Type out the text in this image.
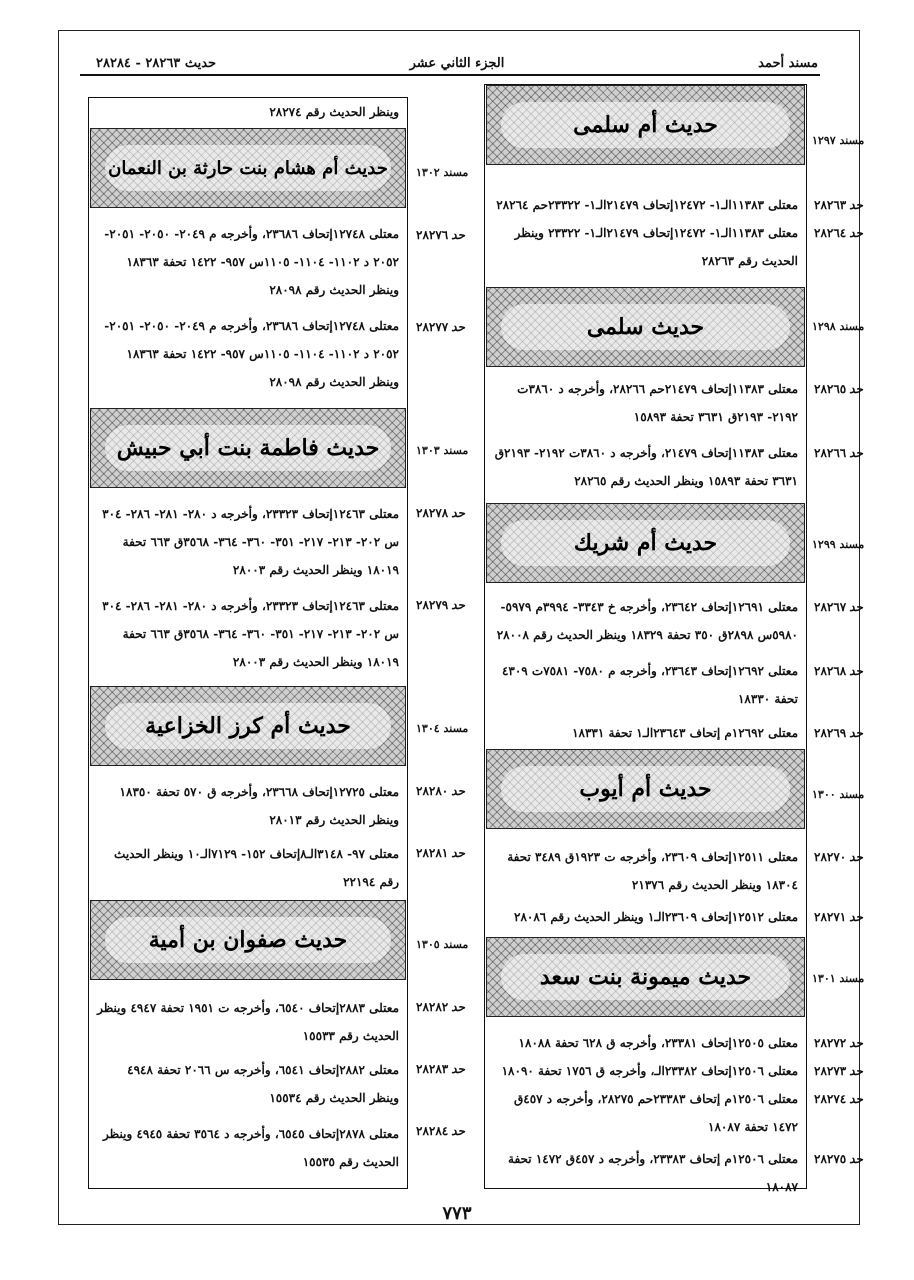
مسند أحمد
الجزء الثاني عشر
حديث ٢٨٢٦٣ - ٢٨٢٨٤
حديث أم سلمى
معتلى ١١٣٨٣الـ١- ١٢٤٧٢إتحاف ٢١٤٧٩الـ١- ٢٣٣٢٢حم ٢٨٢٦٤
معتلى ١١٣٨٣الـ١- ١٢٤٧٢إتحاف ٢١٤٧٩الـ١- ٢٣٣٢٢ وينظر الحديث رقم ٢٨٢٦٣
حديث سلمى
معتلى ١١٣٨٣إتحاف ٢١٤٧٩حم ٢٨٢٦٦، وأخرجه د ٣٨٦٠ت ٢١٩٢- ٢١٩٣ق ٣٦٣١ تحفة ١٥٨٩٣
معتلى ١١٣٨٣إتحاف ٢١٤٧٩، وأخرجه د ٣٨٦٠ت ٢١٩٢- ٢١٩٣ق ٣٦٣١ تحفة ١٥٨٩٣ وينظر الحديث رقم ٢٨٢٦٥
حديث أم شريك
معتلى ١٢٦٩١إتحاف ٢٣٦٤٢، وأخرجه خ ٣٣٤٣- ٣٩٩٤م ٥٩٧٩- ٥٩٨٠س ٢٨٩٨ق ٣٥٠ تحفة ١٨٣٢٩ وينظر الحديث رقم ٢٨٠٠٨
معتلى ١٢٦٩٢إتحاف ٢٣٦٤٣، وأخرجه م ٧٥٨٠- ٧٥٨١ت ٤٣٠٩ تحفة ١٨٣٣٠
معتلى ١٢٦٩٢م إتحاف ٢٣٦٤٣الـ١ تحفة ١٨٣٣١
حديث أم أيوب
معتلى ١٢٥١١إتحاف ٢٣٦٠٩، وأخرجه ت ١٩٢٣ق ٣٤٨٩ تحفة ١٨٣٠٤ وينظر الحديث رقم ٢١٣٧٦
معتلى ١٢٥١٢إتحاف ٢٣٦٠٩الـ١ وينظر الحديث رقم ٢٨٠٨٦
حديث ميمونة بنت سعد
معتلى ١٢٥٠٥إتحاف ٢٣٣٨١، وأخرجه ق ٦٢٨ تحفة ١٨٠٨٨
معتلى ١٢٥٠٦إتحاف ٢٣٣٨٢الـ، وأخرجه ق ١٧٥٦ تحفة ١٨٠٩٠
معتلى ١٢٥٠٦م إتحاف ٢٣٣٨٣حم ٢٨٢٧٥، وأخرجه د ٤٥٧ق ١٤٧٢ تحفة ١٨٠٨٧
معتلى ١٢٥٠٦م إتحاف ٢٣٣٨٣، وأخرجه د ٤٥٧ق ١٤٧٢ تحفة ١٨٠٨٧
مسند ١٢٩٧
حد٢٨٢٦٣
حد٢٨٢٦٤
مسند ١٢٩٨
حد٢٨٢٦٥
حد٢٨٢٦٦
مسند ١٢٩٩
حد٢٨٢٦٧
حد٢٨٢٦٨
حد٢٨٢٦٩
مسند ١٣٠٠
حد٢٨٢٧٠
حد٢٨٢٧١
مسند ١٣٠١
حد٢٨٢٧٢
حد٢٨٢٧٣
حد٢٨٢٧٤
حد٢٨٢٧٥
وينظر الحديث رقم ٢٨٢٧٤
حديث أم هشام بنت حارثة بن النعمان
معتلى ١٢٧٤٨إتحاف ٢٣٦٨٦، وأخرجه م ٢٠٤٩- ٢٠٥٠- ٢٠٥١- ٢٠٥٢ د ١١٠٢- ١١٠٤- ١١٠٥س ٩٥٧- ١٤٢٢ تحفة ١٨٣٦٣ وينظر الحديث رقم ٢٨٠٩٨
معتلى ١٢٧٤٨إتحاف ٢٣٦٨٦، وأخرجه م ٢٠٤٩- ٢٠٥٠- ٢٠٥١- ٢٠٥٢ د ١١٠٢- ١١٠٤- ١١٠٥س ٩٥٧- ١٤٢٢ تحفة ١٨٣٦٣ وينظر الحديث رقم ٢٨٠٩٨
حديث فاطمة بنت أبي حبيش
معتلى ١٢٤٦٣إتحاف ٢٣٣٢٣، وأخرجه د ٢٨٠- ٢٨١- ٢٨٦- ٣٠٤ س ٢٠٢- ٢١٣- ٢١٧- ٣٥١- ٣٦٠- ٣٦٤- ٣٥٦٨ق ٦٦٣ تحفة ١٨٠١٩ وينظر الحديث رقم ٢٨٠٠٣
معتلى ١٢٤٦٣إتحاف ٢٣٣٢٣، وأخرجه د ٢٨٠- ٢٨١- ٢٨٦- ٣٠٤ س ٢٠٢- ٢١٣- ٢١٧- ٣٥١- ٣٦٠- ٣٦٤- ٣٥٦٨ق ٦٦٣ تحفة ١٨٠١٩ وينظر الحديث رقم ٢٨٠٠٣
حديث أم كرز الخزاعية
معتلى ١٢٧٢٥إتحاف ٢٣٦٦٨، وأخرجه ق ٥٧٠ تحفة ١٨٣٥٠ وينظر الحديث رقم ٢٨٠١٣
معتلى ٩٧- ٣١٤٨الـ٨إتحاف ١٥٢- ٧١٢٩الـ١٠ وينظر الحديث رقم ٢٢١٩٤
حديث صفوان بن أمية
معتلى ٢٨٨٣إتحاف ٦٥٤٠، وأخرجه ت ١٩٥١ تحفة ٤٩٤٧ وينظر الحديث رقم ١٥٥٣٣
معتلى ٢٨٨٢إتحاف ٦٥٤١، وأخرجه س ٢٠٦٦ تحفة ٤٩٤٨ وينظر الحديث رقم ١٥٥٣٤
معتلى ٢٨٧٨إتحاف ٦٥٤٥، وأخرجه د ٣٥٦٤ تحفة ٤٩٤٥ وينظر الحديث رقم ١٥٥٣٥
مسند ١٣٠٢
حد٢٨٢٧٦
حد٢٨٢٧٧
مسند ١٣٠٣
حد٢٨٢٧٨
حد٢٨٢٧٩
مسند ١٣٠٤
حد٢٨٢٨٠
حد٢٨٢٨١
مسند ١٣٠٥
حد٢٨٢٨٢
حد٢٨٢٨٣
حد٢٨٢٨٤
٧٧٣
